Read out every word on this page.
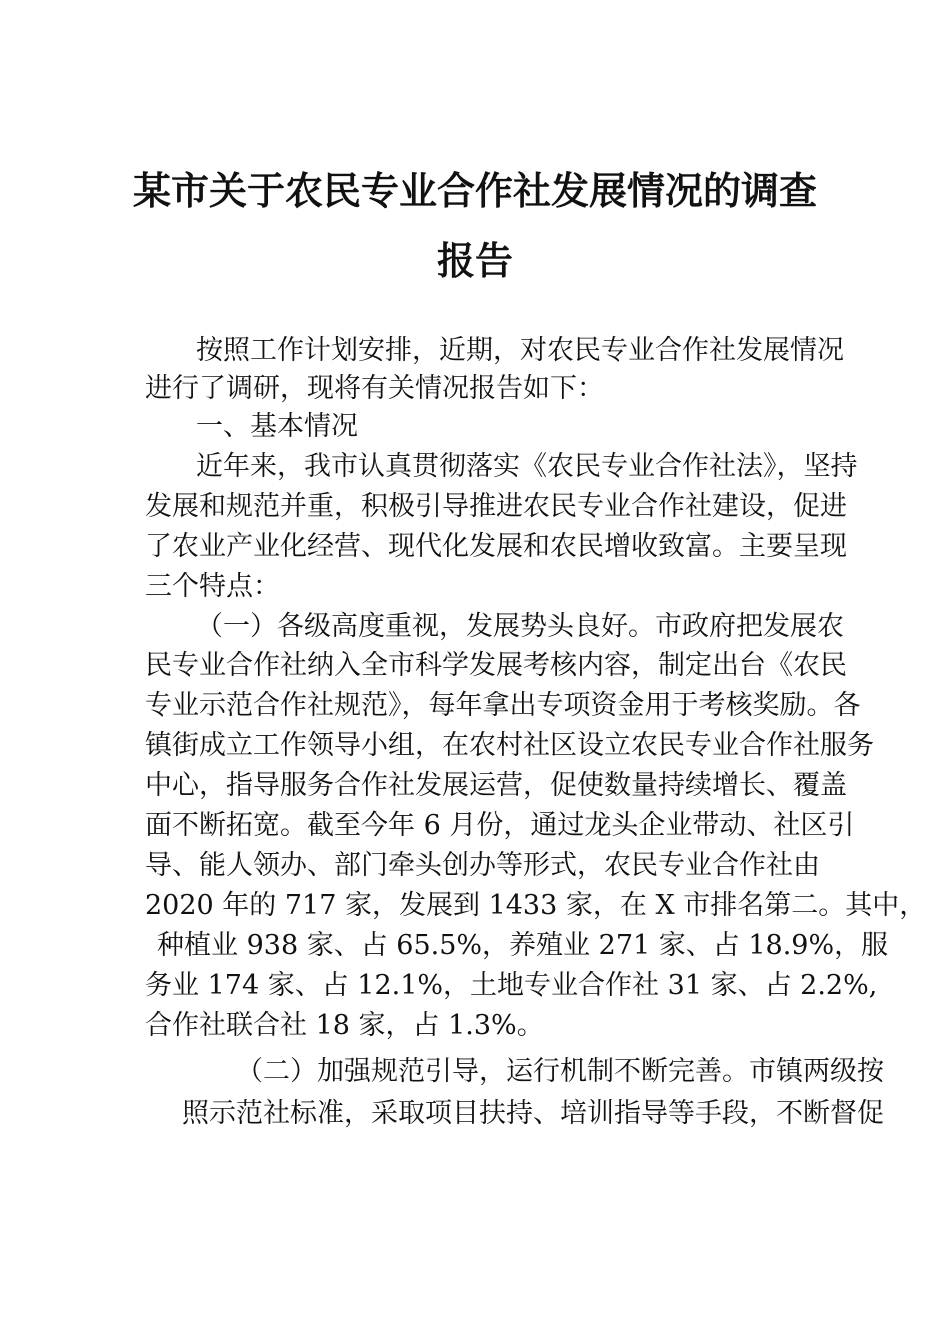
某市关于农民专业合作社发展情况的调查
报告
按照工作计划安排，近期，对农民专业合作社发展情况
进行了调研，现将有关情况报告如下：
一、基本情况
近年来，我市认真贯彻落实《农民专业合作社法》，坚持
发展和规范并重，积极引导推进农民专业合作社建设，促进
了农业产业化经营、现代化发展和农民增收致富。主要呈现
三个特点：
（一）各级高度重视，发展势头良好。市政府把发展农
民专业合作社纳入全市科学发展考核内容，制定出台《农民
专业示范合作社规范》，每年拿出专项资金用于考核奖励。各
镇街成立工作领导小组，在农村社区设立农民专业合作社服务
中心，指导服务合作社发展运营，促使数量持续增长、覆盖
面不断拓宽。截至今年 6 月份，通过龙头企业带动、社区引
导、能人领办、部门牵头创办等形式，农民专业合作社由
2020 年的 717 家，发展到 1433 家，在 X 市排名第二。其中，
种植业 938 家、占 65.5%，养殖业 271 家、占 18.9%，服
务业 174 家、占 12.1%，土地专业合作社 31 家、占 2.2%,
合作社联合社 18 家，占 1.3%。
（二）加强规范引导，运行机制不断完善。市镇两级按
照示范社标准，采取项目扶持、培训指导等手段，不断督促
